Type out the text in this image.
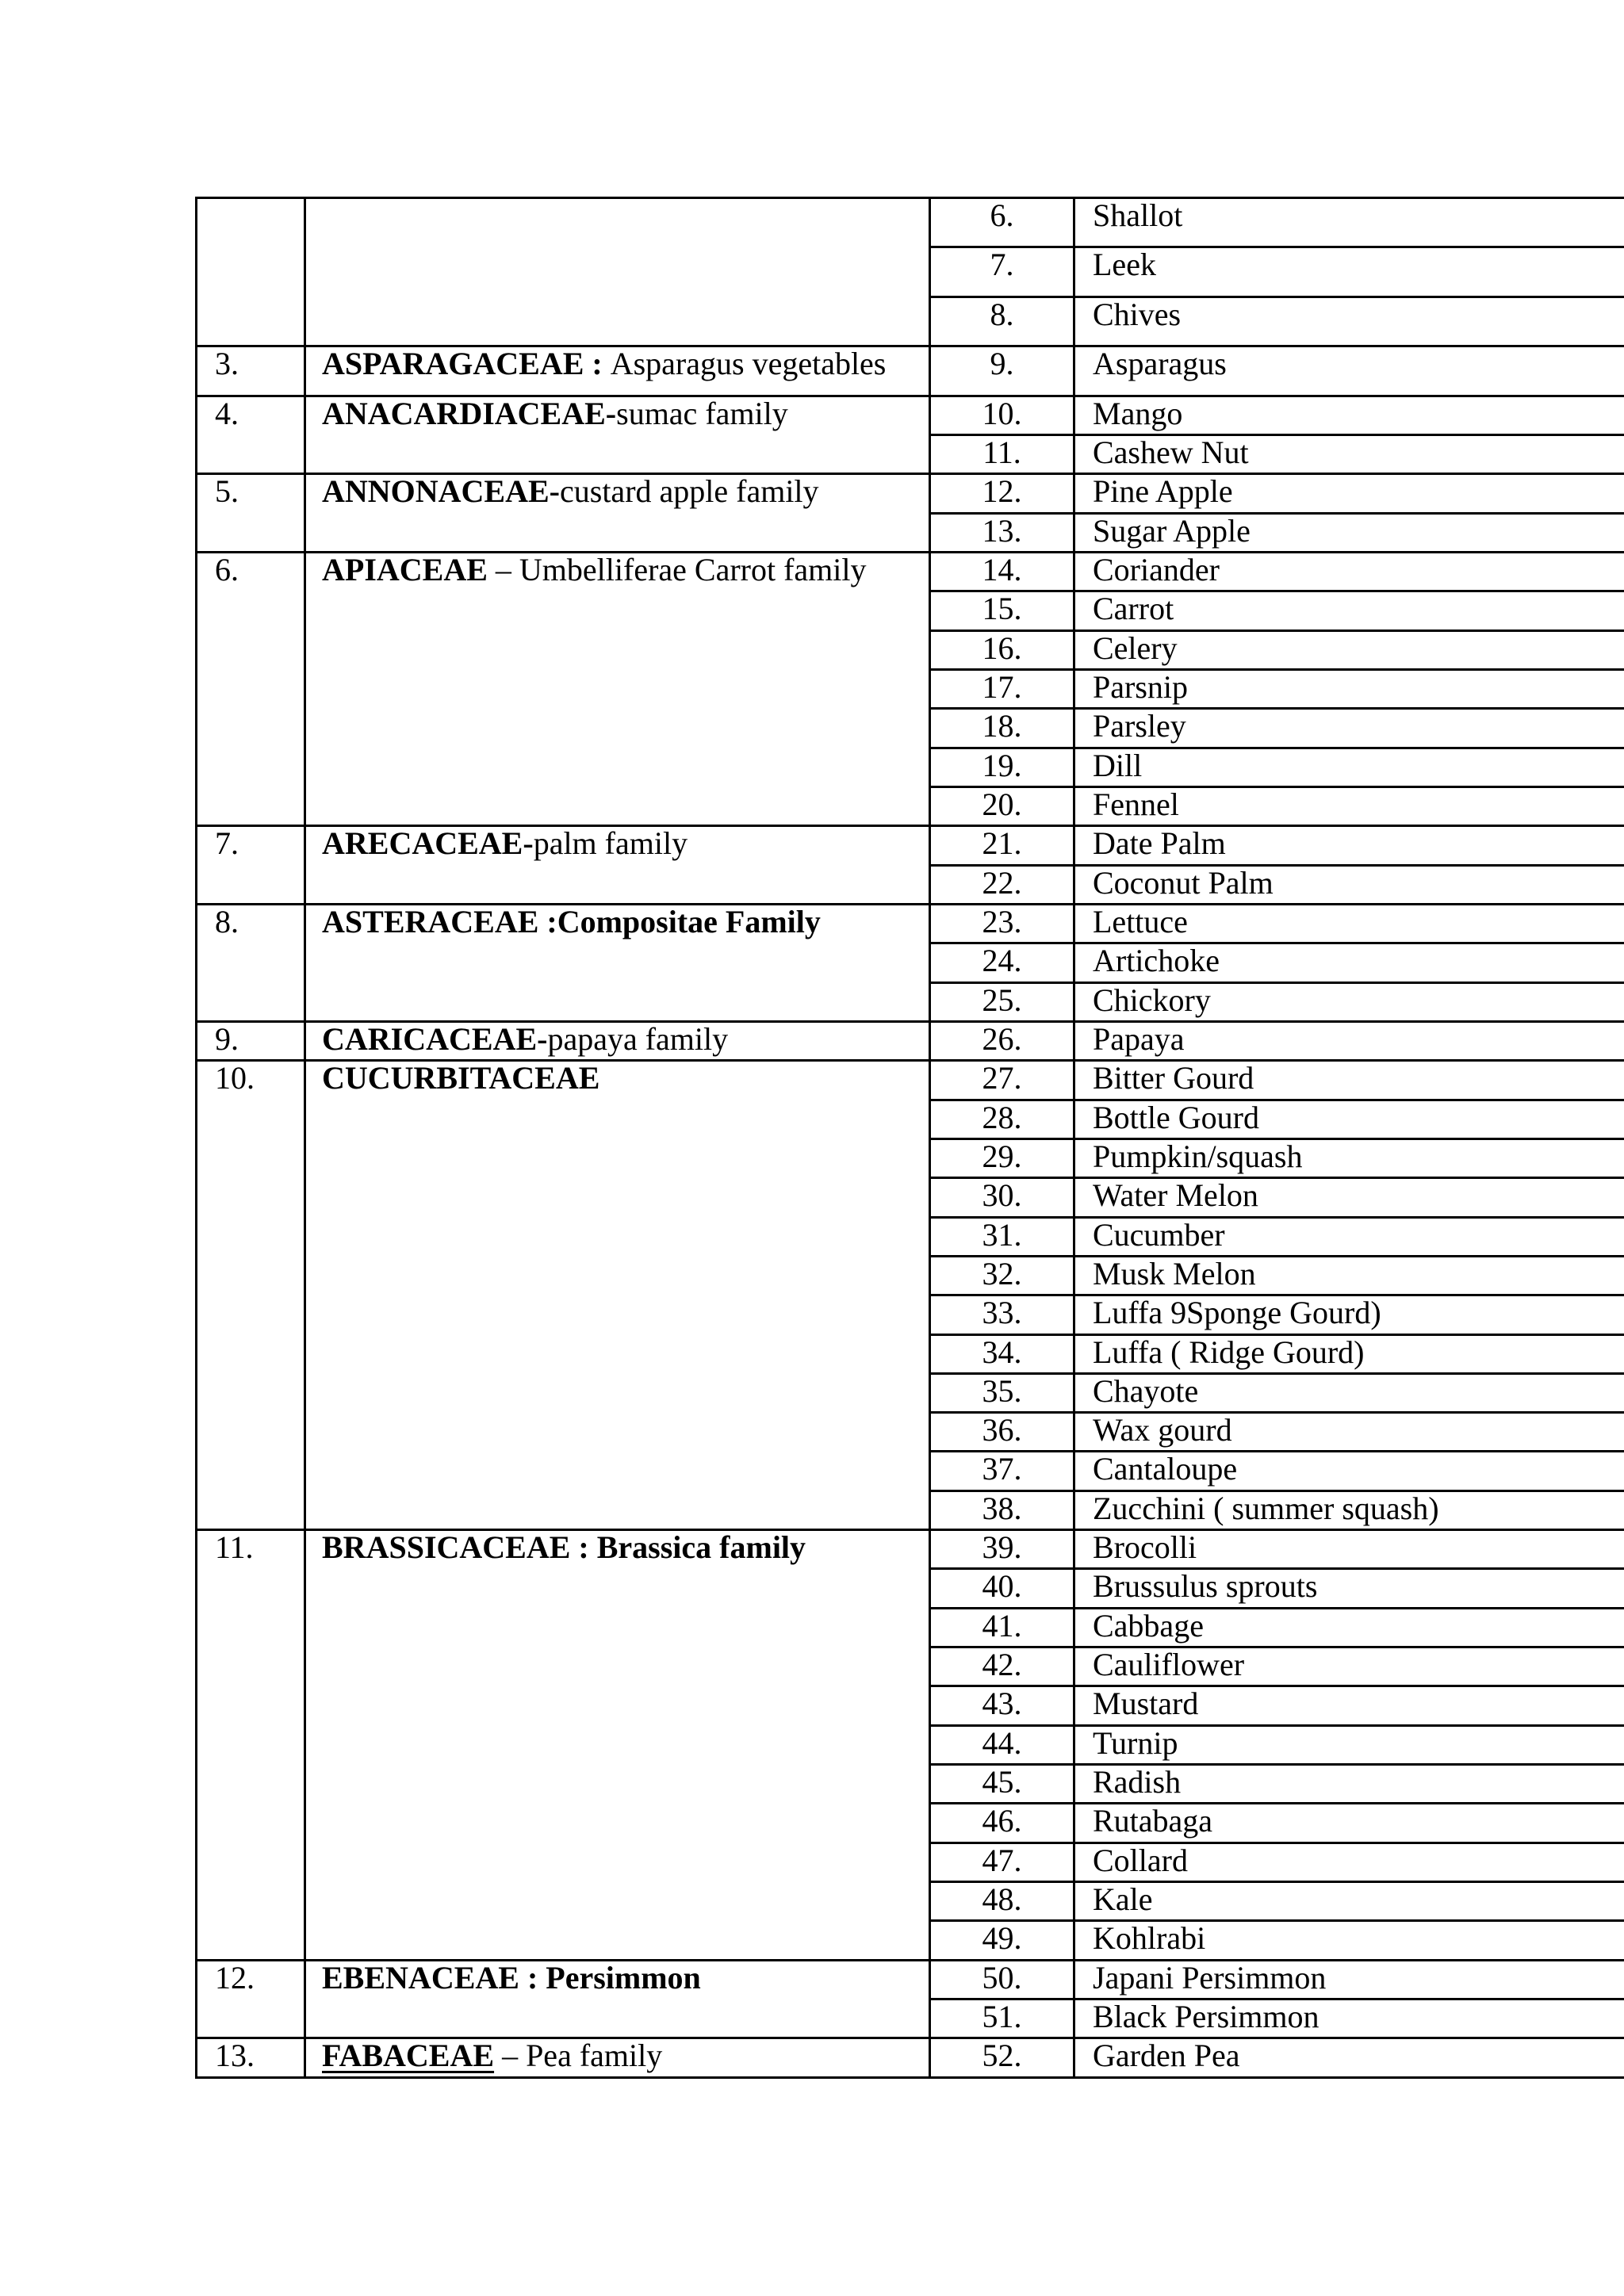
		6.	Shallot
		7.	Leek
		8.	Chives
3.	ASPARAGACEAE : Asparagus vegetables	9.	Asparagus
4.	ANACARDIACEAE-sumac family	10.	Mango
		11.	Cashew Nut
5.	ANNONACEAE-custard apple family	12.	Pine Apple
		13.	Sugar Apple
6.	APIACEAE – Umbelliferae Carrot family	14.	Coriander
		15.	Carrot
		16.	Celery
		17.	Parsnip
		18.	Parsley
		19.	Dill
		20.	Fennel
7.	ARECACEAE-palm family	21.	Date Palm
		22.	Coconut Palm
8.	ASTERACEAE :Compositae Family	23.	Lettuce
		24.	Artichoke
		25.	Chickory
9.	CARICACEAE-papaya family	26.	Papaya
10.	CUCURBITACEAE	27.	Bitter Gourd
		28.	Bottle Gourd
		29.	Pumpkin/squash
		30.	Water Melon
		31.	Cucumber
		32.	Musk Melon
		33.	Luffa 9Sponge Gourd)
		34.	Luffa ( Ridge Gourd)
		35.	Chayote
		36.	Wax gourd
		37.	Cantaloupe
		38.	Zucchini ( summer squash)
11.	BRASSICACEAE : Brassica family	39.	Brocolli
		40.	Brussulus sprouts
		41.	Cabbage
		42.	Cauliflower
		43.	Mustard
		44.	Turnip
		45.	Radish
		46.	Rutabaga
		47.	Collard
		48.	Kale
		49.	Kohlrabi
12.	EBENACEAE : Persimmon	50.	Japani Persimmon
		51.	Black Persimmon
13.	FABACEAE – Pea family	52.	Garden Pea
